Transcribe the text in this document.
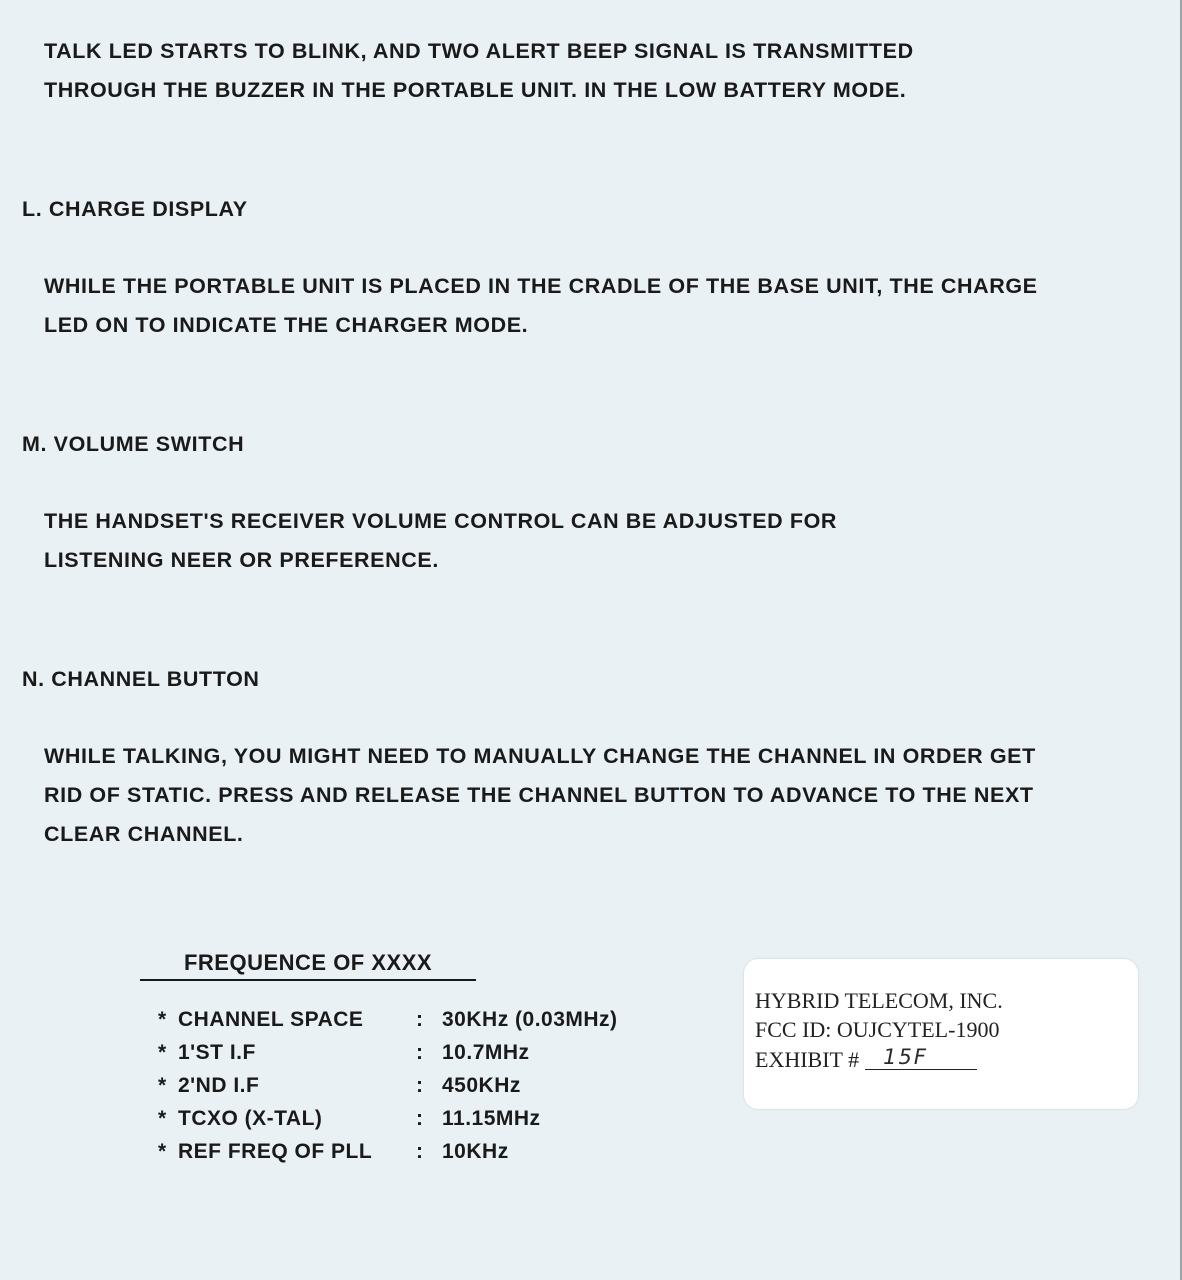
TALK LED STARTS TO BLINK, AND TWO ALERT BEEP SIGNAL IS TRANSMITTED
THROUGH THE BUZZER IN THE PORTABLE UNIT. IN THE LOW BATTERY MODE.
L. CHARGE DISPLAY
WHILE THE PORTABLE UNIT IS PLACED IN THE CRADLE OF THE BASE UNIT, THE CHARGE
LED ON TO INDICATE THE CHARGER MODE.
M. VOLUME SWITCH
THE HANDSET'S RECEIVER VOLUME CONTROL CAN BE ADJUSTED FOR
LISTENING NEER OR PREFERENCE.
N. CHANNEL BUTTON
WHILE TALKING, YOU MIGHT NEED TO MANUALLY CHANGE THE CHANNEL IN ORDER GET
RID OF STATIC. PRESS AND RELEASE THE CHANNEL BUTTON TO ADVANCE TO THE NEXT
CLEAR CHANNEL.
FREQUENCE OF XXXX
* CHANNEL SPACE	: 30KHz (0.03MHz)
* 1'ST I.F	: 10.7MHz
* 2'ND I.F	: 450KHz
* TCXO (X-TAL)	: 11.15MHz
* REF FREQ OF PLL : 10KHz
HYBRID TELECOM, INC.
FCC ID: OUJCYTEL-1900
EXHIBIT # 15F
